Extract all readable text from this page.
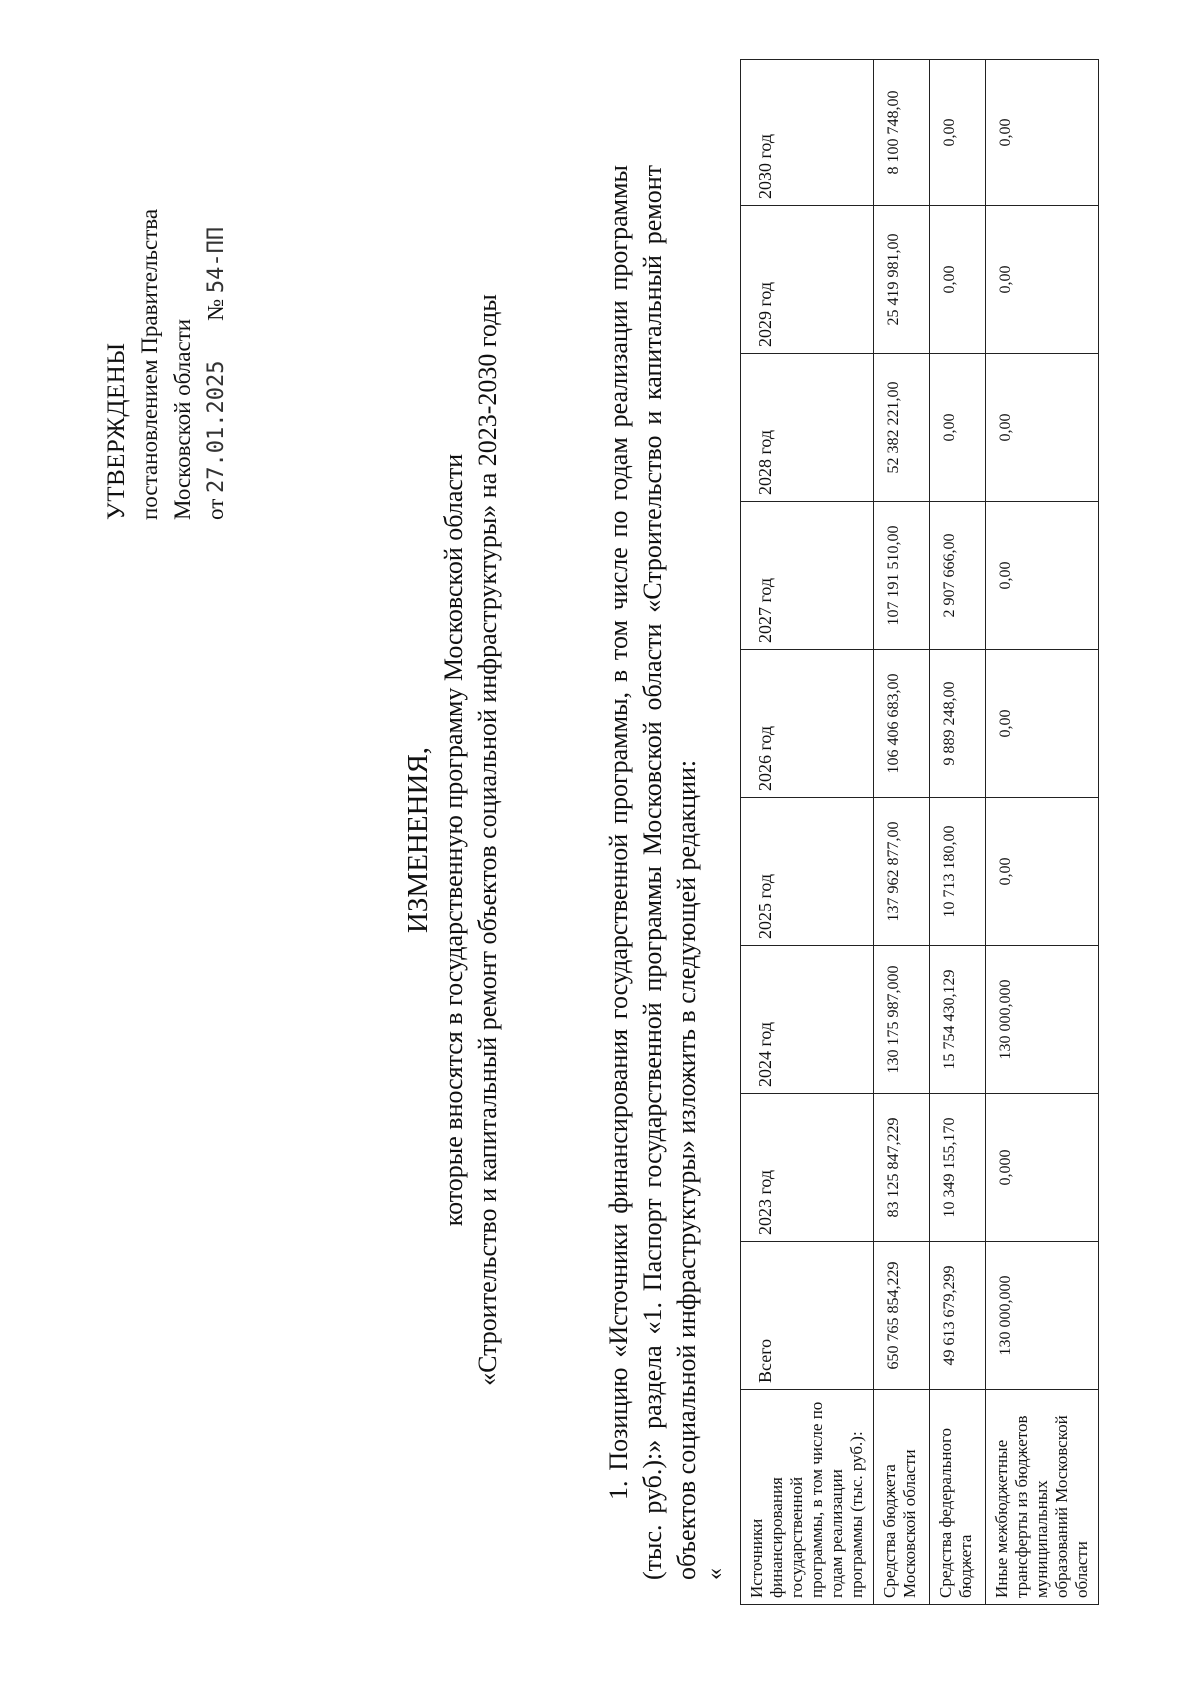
УТВЕРЖДЕНЫ постановлением Правительства Московской области от 27.01.2025 № 54-ПП
ИЗМЕНЕНИЯ, которые вносятся в государственную программу Московской области «Строительство и капитальный ремонт объектов социальной инфраструктуры» на 2023-2030 годы	1. Позицию «Источники финансирования государственной программы, в том числе по годам реализации программы (тыс. руб.):» раздела «1. Паспорт государственной программы Московской области «Строительство и капитальный ремонт объектов социальной инфраструктуры» изложить в следующей редакции: « Источники финансирования государственной программы, в том числе по годам реализации программы (тыс. руб.):	Всего	2023 год	2024 год	2025 год	2026 год	2027 год	2028 год	2029 год	2030 год
Средства бюджета Московской области	650 765 854,229	83 125 847,229	130 175 987,000	137 962 877,00	106 406 683,00	107 191 510,00	52 382 221,00	25 419 981,00	8 100 748,00
Средства федерального бюджета	49 613 679,299	10 349 155,170	15 754 430,129	10 713 180,00	9 889 248,00	2 907 666,00	0,00	0,00	0,00
Иные межбюджетные трансферты из бюджетов муниципальных образований Московской области	130 000,000	0,000	130 000,000	0,00	0,00	0,00	0,00	0,00	0,00
